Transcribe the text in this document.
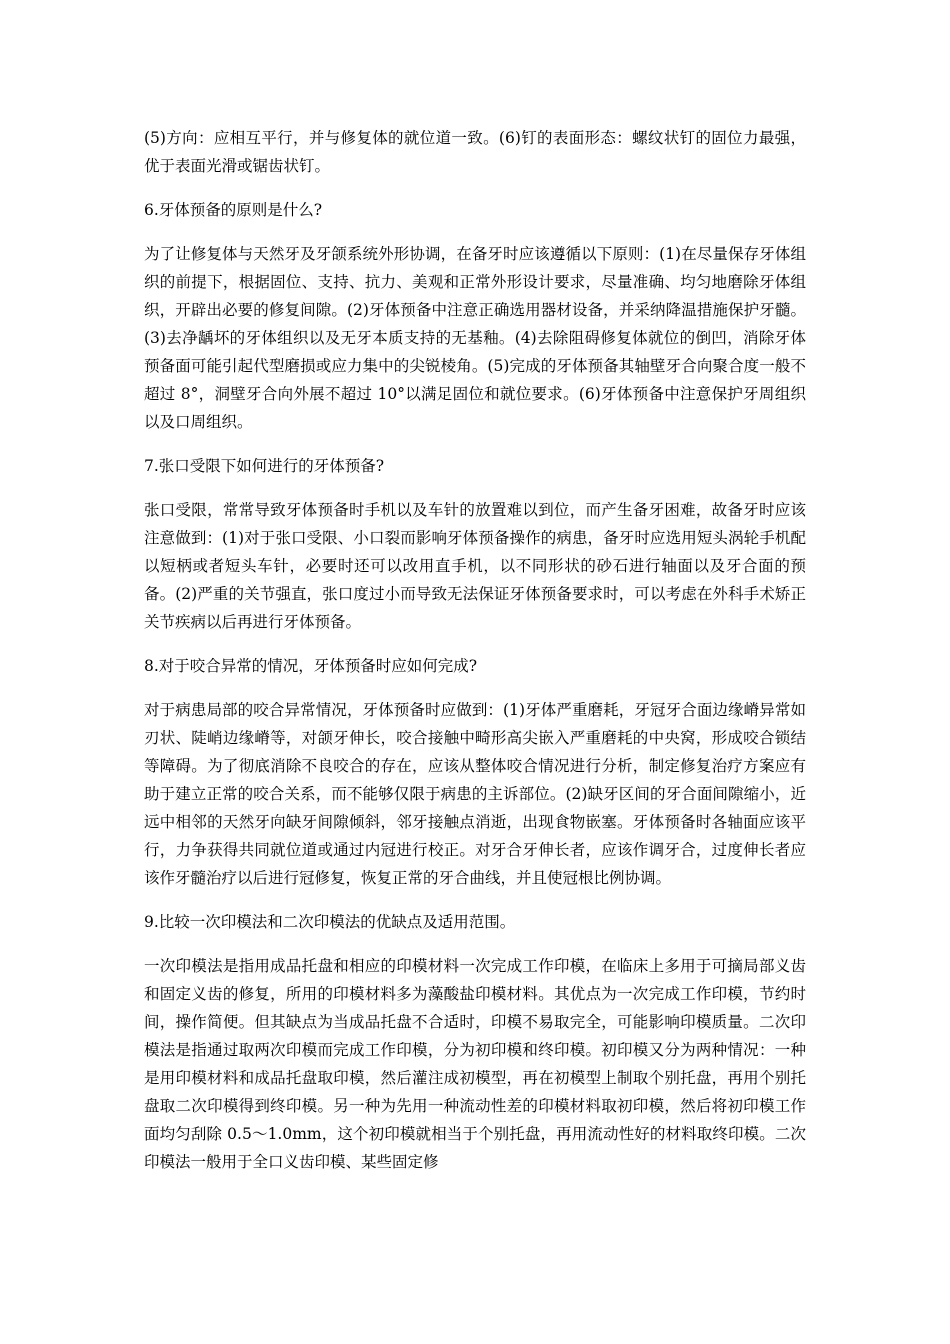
(5)方向：应相互平行，并与修复体的就位道一致。(6)钉的表面形态：螺纹状钉的固位力最强，优于表面光滑或锯齿状钉。

6.牙体预备的原则是什么?

为了让修复体与天然牙及牙颌系统外形协调，在备牙时应该遵循以下原则：(1)在尽量保存牙体组织的前提下，根据固位、支持、抗力、美观和正常外形设计要求，尽量准确、均匀地磨除牙体组织，开辟出必要的修复间隙。(2)牙体预备中注意正确选用器材设备，并采纳降温措施保护牙髓。(3)去净龋坏的牙体组织以及无牙本质支持的无基釉。(4)去除阻碍修复体就位的倒凹，消除牙体预备面可能引起代型磨损或应力集中的尖锐棱角。(5)完成的牙体预备其轴壁牙合向聚合度一般不超过 8°，洞壁牙合向外展不超过 10°以满足固位和就位要求。(6)牙体预备中注意保护牙周组织以及口周组织。

7.张口受限下如何进行的牙体预备?

张口受限，常常导致牙体预备时手机以及车针的放置难以到位，而产生备牙困难，故备牙时应该注意做到：(1)对于张口受限、小口裂而影响牙体预备操作的病患，备牙时应选用短头涡轮手机配以短柄或者短头车针，必要时还可以改用直手机，以不同形状的砂石进行轴面以及牙合面的预备。(2)严重的关节强直，张口度过小而导致无法保证牙体预备要求时，可以考虑在外科手术矫正关节疾病以后再进行牙体预备。

8.对于咬合异常的情况，牙体预备时应如何完成?

对于病患局部的咬合异常情况，牙体预备时应做到：(1)牙体严重磨耗，牙冠牙合面边缘嵴异常如刃状、陡峭边缘嵴等，对颌牙伸长，咬合接触中畸形高尖嵌入严重磨耗的中央窝，形成咬合锁结等障碍。为了彻底消除不良咬合的存在，应该从整体咬合情况进行分析，制定修复治疗方案应有助于建立正常的咬合关系，而不能够仅限于病患的主诉部位。(2)缺牙区间的牙合面间隙缩小，近远中相邻的天然牙向缺牙间隙倾斜，邻牙接触点消逝，出现食物嵌塞。牙体预备时各轴面应该平行，力争获得共同就位道或通过内冠进行校正。对牙合牙伸长者，应该作调牙合，过度伸长者应该作牙髓治疗以后进行冠修复，恢复正常的牙合曲线，并且使冠根比例协调。

9.比较一次印模法和二次印模法的优缺点及适用范围。

一次印模法是指用成品托盘和相应的印模材料一次完成工作印模，在临床上多用于可摘局部义齿和固定义齿的修复，所用的印模材料多为藻酸盐印模材料。其优点为一次完成工作印模，节约时间，操作简便。但其缺点为当成品托盘不合适时，印模不易取完全，可能影响印模质量。二次印模法是指通过取两次印模而完成工作印模，分为初印模和终印模。初印模又分为两种情况：一种是用印模材料和成品托盘取印模，然后灌注成初模型，再在初模型上制取个别托盘，再用个别托盘取二次印模得到终印模。另一种为先用一种流动性差的印模材料取初印模，然后将初印模工作面均匀刮除 0.5～1.0mm，这个初印模就相当于个别托盘，再用流动性好的材料取终印模。二次印模法一般用于全口义齿印模、某些固定修
